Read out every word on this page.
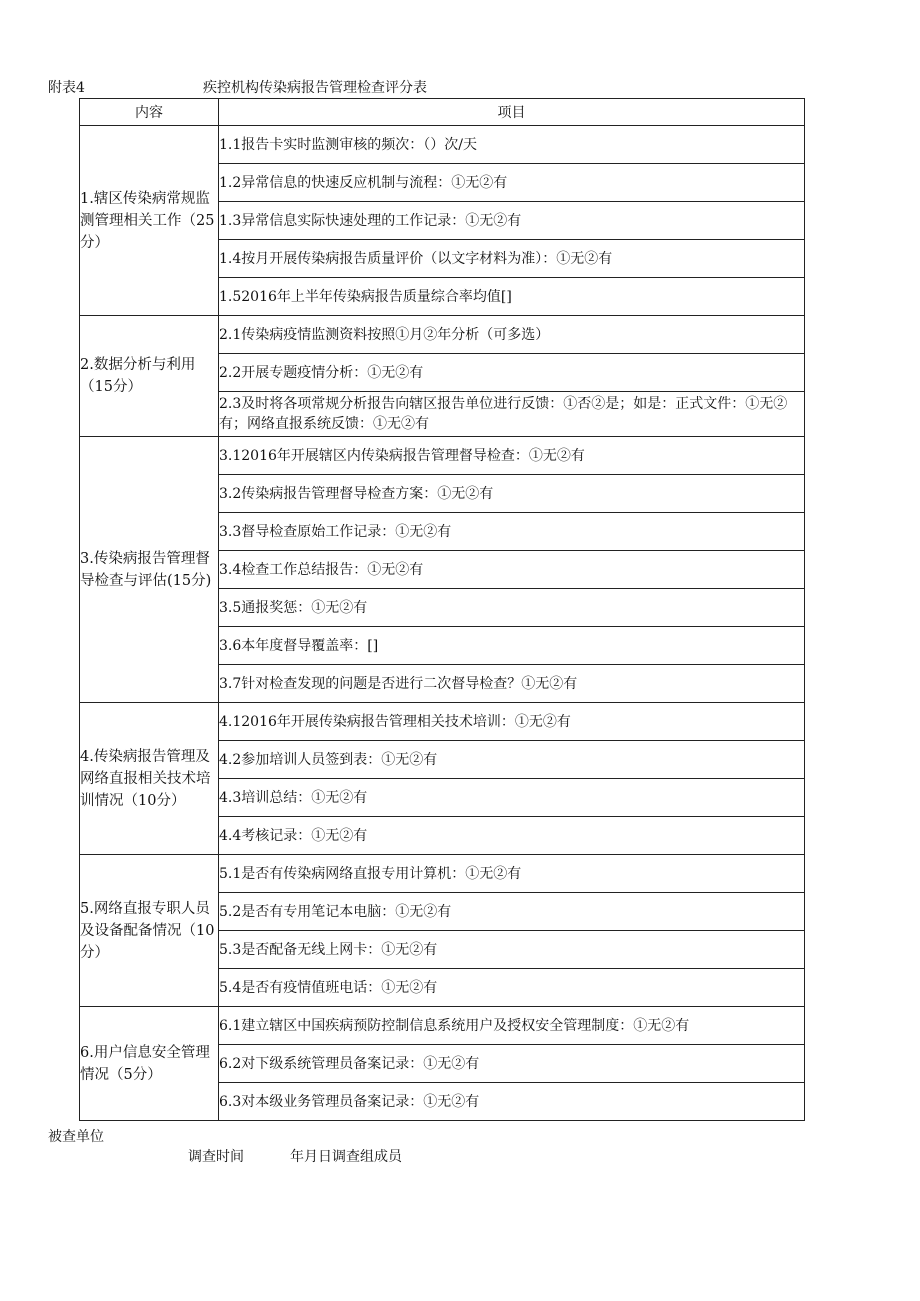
附表4	疾控机构传染病报告管理检查评分表
内容	项目
1.辖区传染病常规监测管理相关工作（25分）	1.1报告卡实时监测审核的频次：（）次/天
	1.2异常信息的快速反应机制与流程：①无②有
	1.3异常信息实际快速处理的工作记录：①无②有
	1.4按月开展传染病报告质量评价（以文字材料为准）：①无②有
	1.52016年上半年传染病报告质量综合率均值[]
2.数据分析与利用（15分）	2.1传染病疫情监测资料按照①月②年分析（可多选）
	2.2开展专题疫情分析：①无②有
	2.3及时将各项常规分析报告向辖区报告单位进行反馈：①否②是；如是：正式文件：①无②有；网络直报系统反馈：①无②有
3.传染病报告管理督导检查与评估(15分)	3.12016年开展辖区内传染病报告管理督导检查：①无②有
	3.2传染病报告管理督导检查方案：①无②有
	3.3督导检查原始工作记录：①无②有
	3.4检查工作总结报告：①无②有
	3.5通报奖惩：①无②有
	3.6本年度督导覆盖率：[]
	3.7针对检查发现的问题是否进行二次督导检查？①无②有
4.传染病报告管理及网络直报相关技术培训情况（10分）	4.12016年开展传染病报告管理相关技术培训：①无②有
	4.2参加培训人员签到表：①无②有
	4.3培训总结：①无②有
	4.4考核记录：①无②有
5.网络直报专职人员及设备配备情况（10分）	5.1是否有传染病网络直报专用计算机：①无②有
	5.2是否有专用笔记本电脑：①无②有
	5.3是否配备无线上网卡：①无②有
	5.4是否有疫情值班电话：①无②有
6.用户信息安全管理情况（5分）	6.1建立辖区中国疾病预防控制信息系统用户及授权安全管理制度：①无②有
	6.2对下级系统管理员备案记录：①无②有
	6.3对本级业务管理员备案记录：①无②有
被查单位
调查时间	年月日调查组成员
